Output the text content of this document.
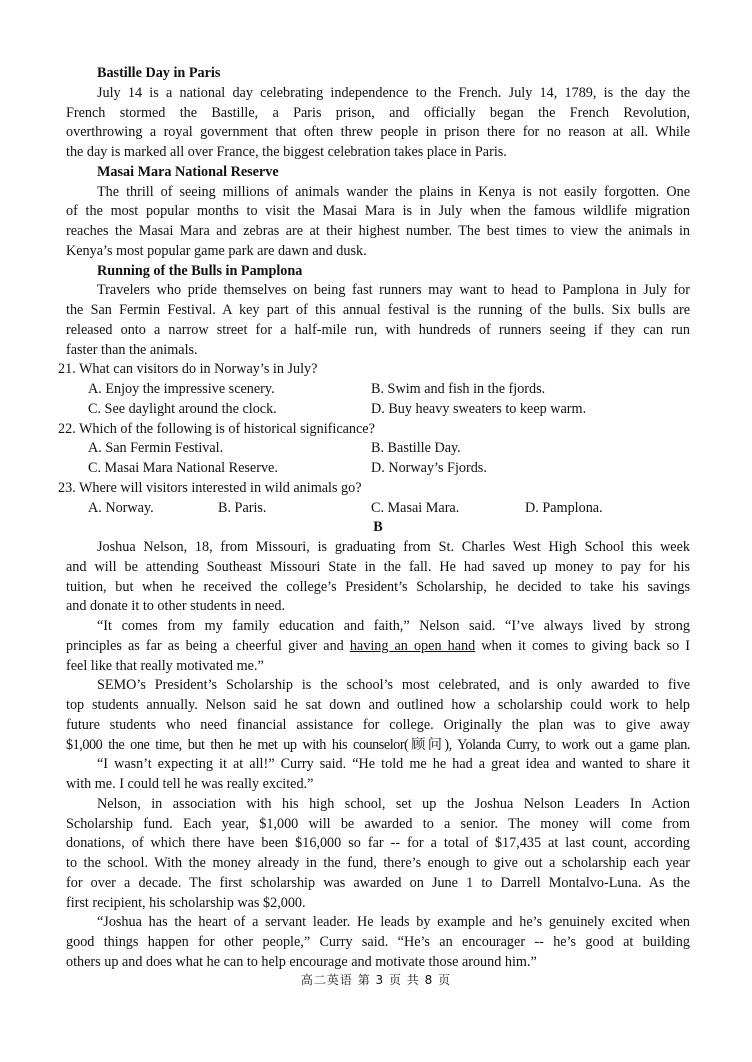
Bastille Day in Paris
July 14 is a national day celebrating independence to the French. July 14, 1789, is the day the
French stormed the Bastille, a Paris prison, and officially began the French Revolution,
overthrowing a royal government that often threw people in prison there for no reason at all. While
the day is marked all over France, the biggest celebration takes place in Paris.
Masai Mara National Reserve
The thrill of seeing millions of animals wander the plains in Kenya is not easily forgotten. One
of the most popular months to visit the Masai Mara is in July when the famous wildlife migration
reaches the Masai Mara and zebras are at their highest number. The best times to view the animals in
Kenya’s most popular game park are dawn and dusk.
Running of the Bulls in Pamplona
Travelers who pride themselves on being fast runners may want to head to Pamplona in July for
the San Fermin Festival. A key part of this annual festival is the running of the bulls. Six bulls are
released onto a narrow street for a half-mile run, with hundreds of runners seeing if they can run
faster than the animals.
21. What can visitors do in Norway’s in July?
A. Enjoy the impressive scenery.	B. Swim and fish in the fjords.
C. See daylight around the clock.	D. Buy heavy sweaters to keep warm.
22. Which of the following is of historical significance?
A. San Fermin Festival.	B. Bastille Day.
C. Masai Mara National Reserve.	D. Norway’s Fjords.
23. Where will visitors interested in wild animals go?
A. Norway.	B. Paris.	C. Masai Mara.	D. Pamplona.
B
Joshua Nelson, 18, from Missouri, is graduating from St. Charles West High School this week
and will be attending Southeast Missouri State in the fall. He had saved up money to pay for his
tuition, but when he received the college’s President’s Scholarship, he decided to take his savings
and donate it to other students in need.
“It comes from my family education and faith,” Nelson said. “I’ve always lived by strong
principles as far as being a cheerful giver and having an open hand when it comes to giving back so I
feel like that really motivated me.”
SEMO’s President’s Scholarship is the school’s most celebrated, and is only awarded to five
top students annually. Nelson said he sat down and outlined how a scholarship could work to help
future students who need financial assistance for college. Originally the plan was to give away
$1,000 the one time, but then he met up with his counselor(顾问), Yolanda Curry, to work out a game plan.
“I wasn’t expecting it at all!” Curry said. “He told me he had a great idea and wanted to share it
with me. I could tell he was really excited.”
Nelson, in association with his high school, set up the Joshua Nelson Leaders In Action
Scholarship fund. Each year, $1,000 will be awarded to a senior. The money will come from
donations, of which there have been $16,000 so far -- for a total of $17,435 at last count, according
to the school. With the money already in the fund, there’s enough to give out a scholarship each year
for over a decade. The first scholarship was awarded on June 1 to Darrell Montalvo-Luna. As the
first recipient, his scholarship was $2,000.
“Joshua has the heart of a servant leader. He leads by example and he’s genuinely excited when
good things happen for other people,” Curry said. “He’s an encourager -- he’s good at building
others up and does what he can to help encourage and motivate those around him.”
高二英语 第 3 页 共 8 页
